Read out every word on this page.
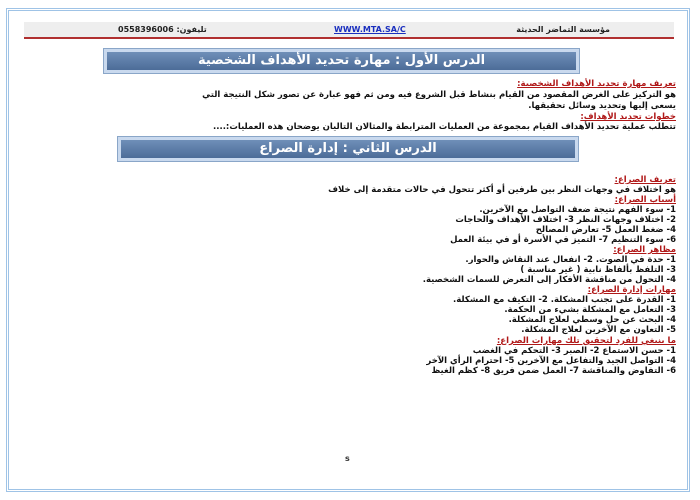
مؤسسة التماضر الحديثة
WWW.MTA.SA/C
تليفون: 0558396006
الدرس الأول : مهارة تحديد الأهداف الشخصية
تعريف مهارة تحديد الأهداف الشخصية:
هو التركيز على الغرض المقصود من القيام بنشاط قبل الشروع فيه ومن ثم فهو عبارة عن تصور شكل النتيجة التي
يسعى إليها وتحديد وسائل تحقيقها.
خطوات تحديد الأهداف:
تتطلب عملية تحديد الأهداف القيام بمجموعة من العمليات المترابطة والمثالان التاليان يوضحان هذه العمليات:....
الدرس الثاني : إدارة الصراع
تعريف الصراع:
هو اختلاف في وجهات النظر بين طرفين أو أكثر تتحول في حالات متقدمة إلى خلاف
أسباب الصراع:
1- سوء الفهم نتيجة ضعف التواصل مع الآخرين.
2- اختلاف وجهات النظر 3- اختلاف الأهداف والحاجات
4- ضغط العمل 5- تعارض المصالح
6- سوء التنظيم 7- التميز في الأسرة أو في بيئة العمل
مظاهر الصراع:
1- حدة في الصوت. 2- انفعال عند النقاش والحوار.
3- التلفظ بألفاظ نابية ( غير مناسبة )
4- التحول من مناقشة الأفكار إلى التعرض للسمات الشخصية.
مهارات إدارة الصراع:
1- القدرة على تجنب المشكلة. 2- التكيف مع المشكلة.
3- التعامل مع المشكلة بشيء من الحكمة.
4- البحث عن حل وسطي لعلاج المشكلة.
5- التعاون مع الآخرين لعلاج المشكلة.
ما ينبغي للفرد لتحقيق تلك مهارات الصراع:
1- حسن الاستماع 2- الصبر 3- التحكم في الغضب
4- التواصل الجيد والتفاعل مع الآخرين 5- احترام الرأي الآخر
6- التفاوض والمناقشة 7- العمل ضمن فريق 8- كظم الغيظ
s
